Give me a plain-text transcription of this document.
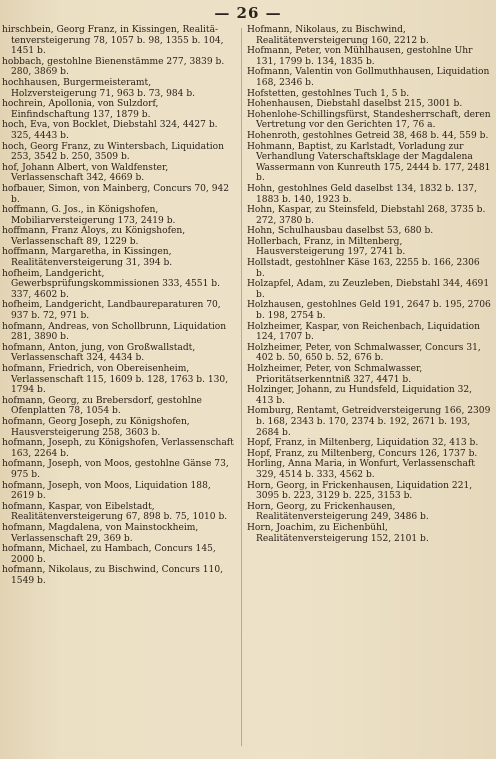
— 26 —

hirschbein, Georg Franz, in Kissingen, Realitä-tenversteigerung 78, 1057 b. 98, 1355 b. 104, 1451 b.

hobbach, gestohlne Bienenstämme 277, 3839 b. 280, 3869 b.

hochhausen, Burgermeisteramt, Holzversteigerung 71, 963 b. 73, 984 b.

hochrein, Apollonia, von Sulzdorf, Einfindschaftung 137, 1879 b.

hoch, Eva, von Bocklet, Diebstahl 324, 4427 b. 325, 4443 b.

hoch, Georg Franz, zu Wintersbach, Liquidation 253, 3542 b. 250, 3509 b.

hof, Johann Albert, von Waldfenster, Verlassenschaft 342, 4669 b.

hofbauer, Simon, von Mainberg, Concurs 70, 942 b.

hoffmann, G. Jos., in Königshofen, Mobiliarversteigerung 173, 2419 b.

hoffmann, Franz Aloys, zu Königshofen, Verlassenschaft 89, 1229 b.

hoffmann, Margaretha, in Kissingen, Realitätenversteigerung 31, 394 b.

hofheim, Landgericht, Gewerbsprüfungskommissionen 333, 4551 b. 337, 4602 b.

hofheim, Landgericht, Landbaureparaturen 70, 937 b. 72, 971 b.

hofmann, Andreas, von Schollbrunn, Liquidation 281, 3890 b.

hofmann, Anton, jung, von Großwallstadt, Verlassenschaft 324, 4434 b.

hofmann, Friedrich, von Obereisenheim, Verlassenschaft 115, 1609 b. 128, 1763 b. 130, 1794 b.

hofmann, Georg, zu Brebersdorf, gestohlne Ofenplatten 78, 1054 b.

hofmann, Georg Joseph, zu Königshofen, Hausversteigerung 258, 3603 b.

hofmann, Joseph, zu Königshofen, Verlassenschaft 163, 2264 b.

hofmann, Joseph, von Moos, gestohlne Gänse 73, 975 b.

hofmann, Joseph, von Moos, Liquidation 188, 2619 b.

hofmann, Kaspar, von Eibelstadt, Realitätenversteigerung 67, 898 b. 75, 1010 b.

hofmann, Magdalena, von Mainstockheim, Verlassenschaft 29, 369 b.

hofmann, Michael, zu Hambach, Concurs 145, 2000 b.

hofmann, Nikolaus, zu Bischwind, Concurs 110, 1549 b.

Hofmann, Nikolaus, zu Bischwind, Realitätenversteigerung 160, 2212 b.

Hofmann, Peter, von Mühlhausen, gestohlne Uhr 131, 1799 b. 134, 1835 b.

Hofmann, Valentin von Gollmuthhausen, Liquidation 168, 2346 b.

Hofstetten, gestohlnes Tuch 1, 5 b.

Hohenhausen, Diebstahl daselbst 215, 3001 b.

Hohenlohe-Schillingsfürst, Standesherrschaft, deren Vertretung vor den Gerichten 17, 76 a.

Hohenroth, gestohlnes Getreid 38, 468 b. 44, 559 b.

Hohmann, Baptist, zu Karlstadt, Vorladung zur Verhandlung Vaterschaftsklage der Magdalena Wassermann von Kunreuth 175, 2444 b. 177, 2481 b.

Hohn, gestohlnes Geld daselbst 134, 1832 b. 137, 1883 b. 140, 1923 b.

Hohn, Kaspar, zu Steinsfeld, Diebstahl 268, 3735 b. 272, 3780 b.

Hohn, Schulhausbau daselbst 53, 680 b.

Hollerbach, Franz, in Miltenberg, Hausversteigerung 197, 2741 b.

Hollstadt, gestohlner Käse 163, 2255 b. 166, 2306 b.

Holzapfel, Adam, zu Zeuzleben, Diebstahl 344, 4691 b.

Holzhausen, gestohlnes Geld 191, 2647 b. 195, 2706 b. 198, 2754 b.

Holzheimer, Kaspar, von Reichenbach, Liquidation 124, 1707 b.

Holzheimer, Peter, von Schmalwasser, Concurs 31, 402 b. 50, 650 b. 52, 676 b.

Holzheimer, Peter, von Schmalwasser, Prioritätserkenntniß 327, 4471 b.

Holzinger, Johann, zu Hundsfeld, Liquidation 32, 413 b.

Homburg, Rentamt, Getreidversteigerung 166, 2309 b. 168, 2343 b. 170, 2374 b. 192, 2671 b. 193, 2684 b.

Hopf, Franz, in Miltenberg, Liquidation 32, 413 b.

Hopf, Franz, zu Miltenberg, Concurs 126, 1737 b.

Horling, Anna Maria, in Wonfurt, Verlassenschaft 329, 4514 b. 333, 4562 b.

Horn, Georg, in Frickenhausen, Liquidation 221, 3095 b. 223, 3129 b. 225, 3153 b.

Horn, Georg, zu Frickenhausen, Realitätenversteigerung 249, 3486 b.

Horn, Joachim, zu Eichenbühl, Realitätenversteigerung 152, 2101 b.
